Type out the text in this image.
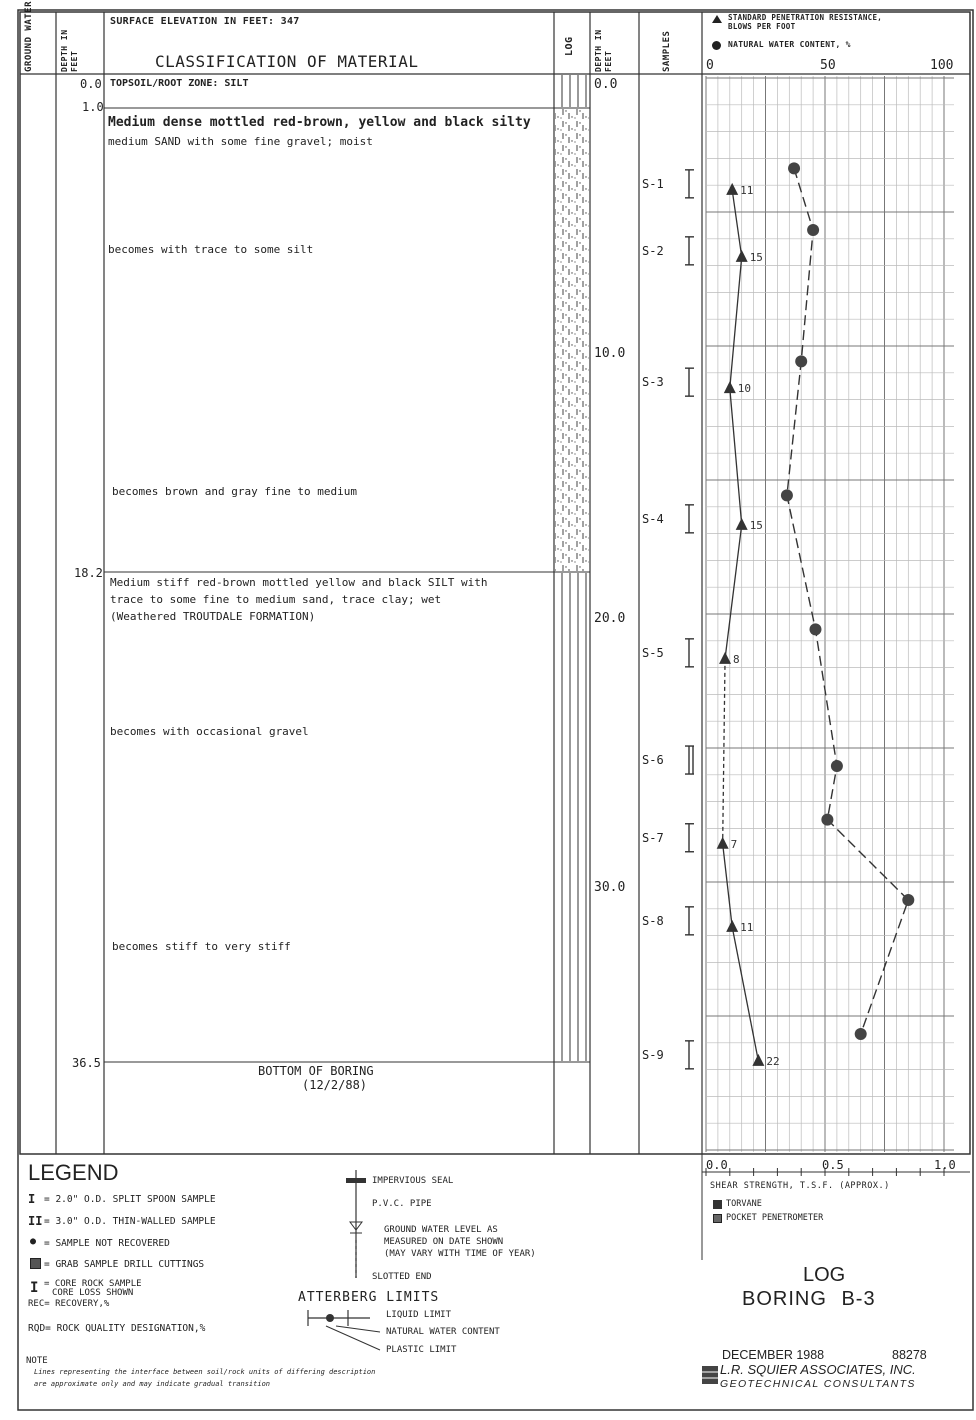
11
15
10
15
8
7
11
22
S-1
S-2
S-3
S-4
S-5
S-6
S-7
S-8
S-9
GROUND WATER	DEPTH IN FEET
SURFACE ELEVATION IN FEET: 347
CLASSIFICATION OF MATERIAL
LOG DEPTH IN FEET	SAMPLES
STANDARD PENETRATION RESISTANCE,
BLOWS PER FOOT
NATURAL WATER CONTENT, %
0	50	100
0.0 TOPSOIL/ROOT ZONE: SILT
1.0
Medium dense mottled red-brown, yellow and black silty
medium SAND with some fine gravel; moist
becomes with trace to some silt
becomes brown and gray fine to medium
18.2
Medium stiff red-brown mottled yellow and black SILT with
trace to some fine to medium sand, trace clay; wet
(Weathered TROUTDALE FORMATION)
becomes with occasional gravel
becomes stiff to very stiff
36.5
BOTTOM OF BORING
(12/2/88)
0.0
10.0
20.0
30.0
LEGEND
I = 2.0" O.D. SPLIT SPOON SAMPLE
II = 3.0" O.D. THIN-WALLED SAMPLE
● = SAMPLE NOT RECOVERED
= GRAB SAMPLE DRILL CUTTINGS
I = CORE ROCK SAMPLE
CORE LOSS SHOWN
REC= RECOVERY,%
RQD= ROCK QUALITY DESIGNATION,%
IMPERVIOUS SEAL
P.V.C. PIPE
GROUND WATER LEVEL AS
MEASURED ON DATE SHOWN
(MAY VARY WITH TIME OF YEAR)
SLOTTED END
ATTERBERG LIMITS
LIQUID LIMIT
NATURAL WATER CONTENT
PLASTIC LIMIT
NOTE
Lines representing the interface between soil/rock units of differing description
are approximate only and may indicate gradual transition
0.0	0.5	1.0
SHEAR STRENGTH, T.S.F. (APPROX.)
TORVANE
POCKET PENETROMETER
LOG
BORING B-3
DECEMBER 1988	88278
L.R. SQUIER ASSOCIATES, INC.
GEOTECHNICAL CONSULTANTS
